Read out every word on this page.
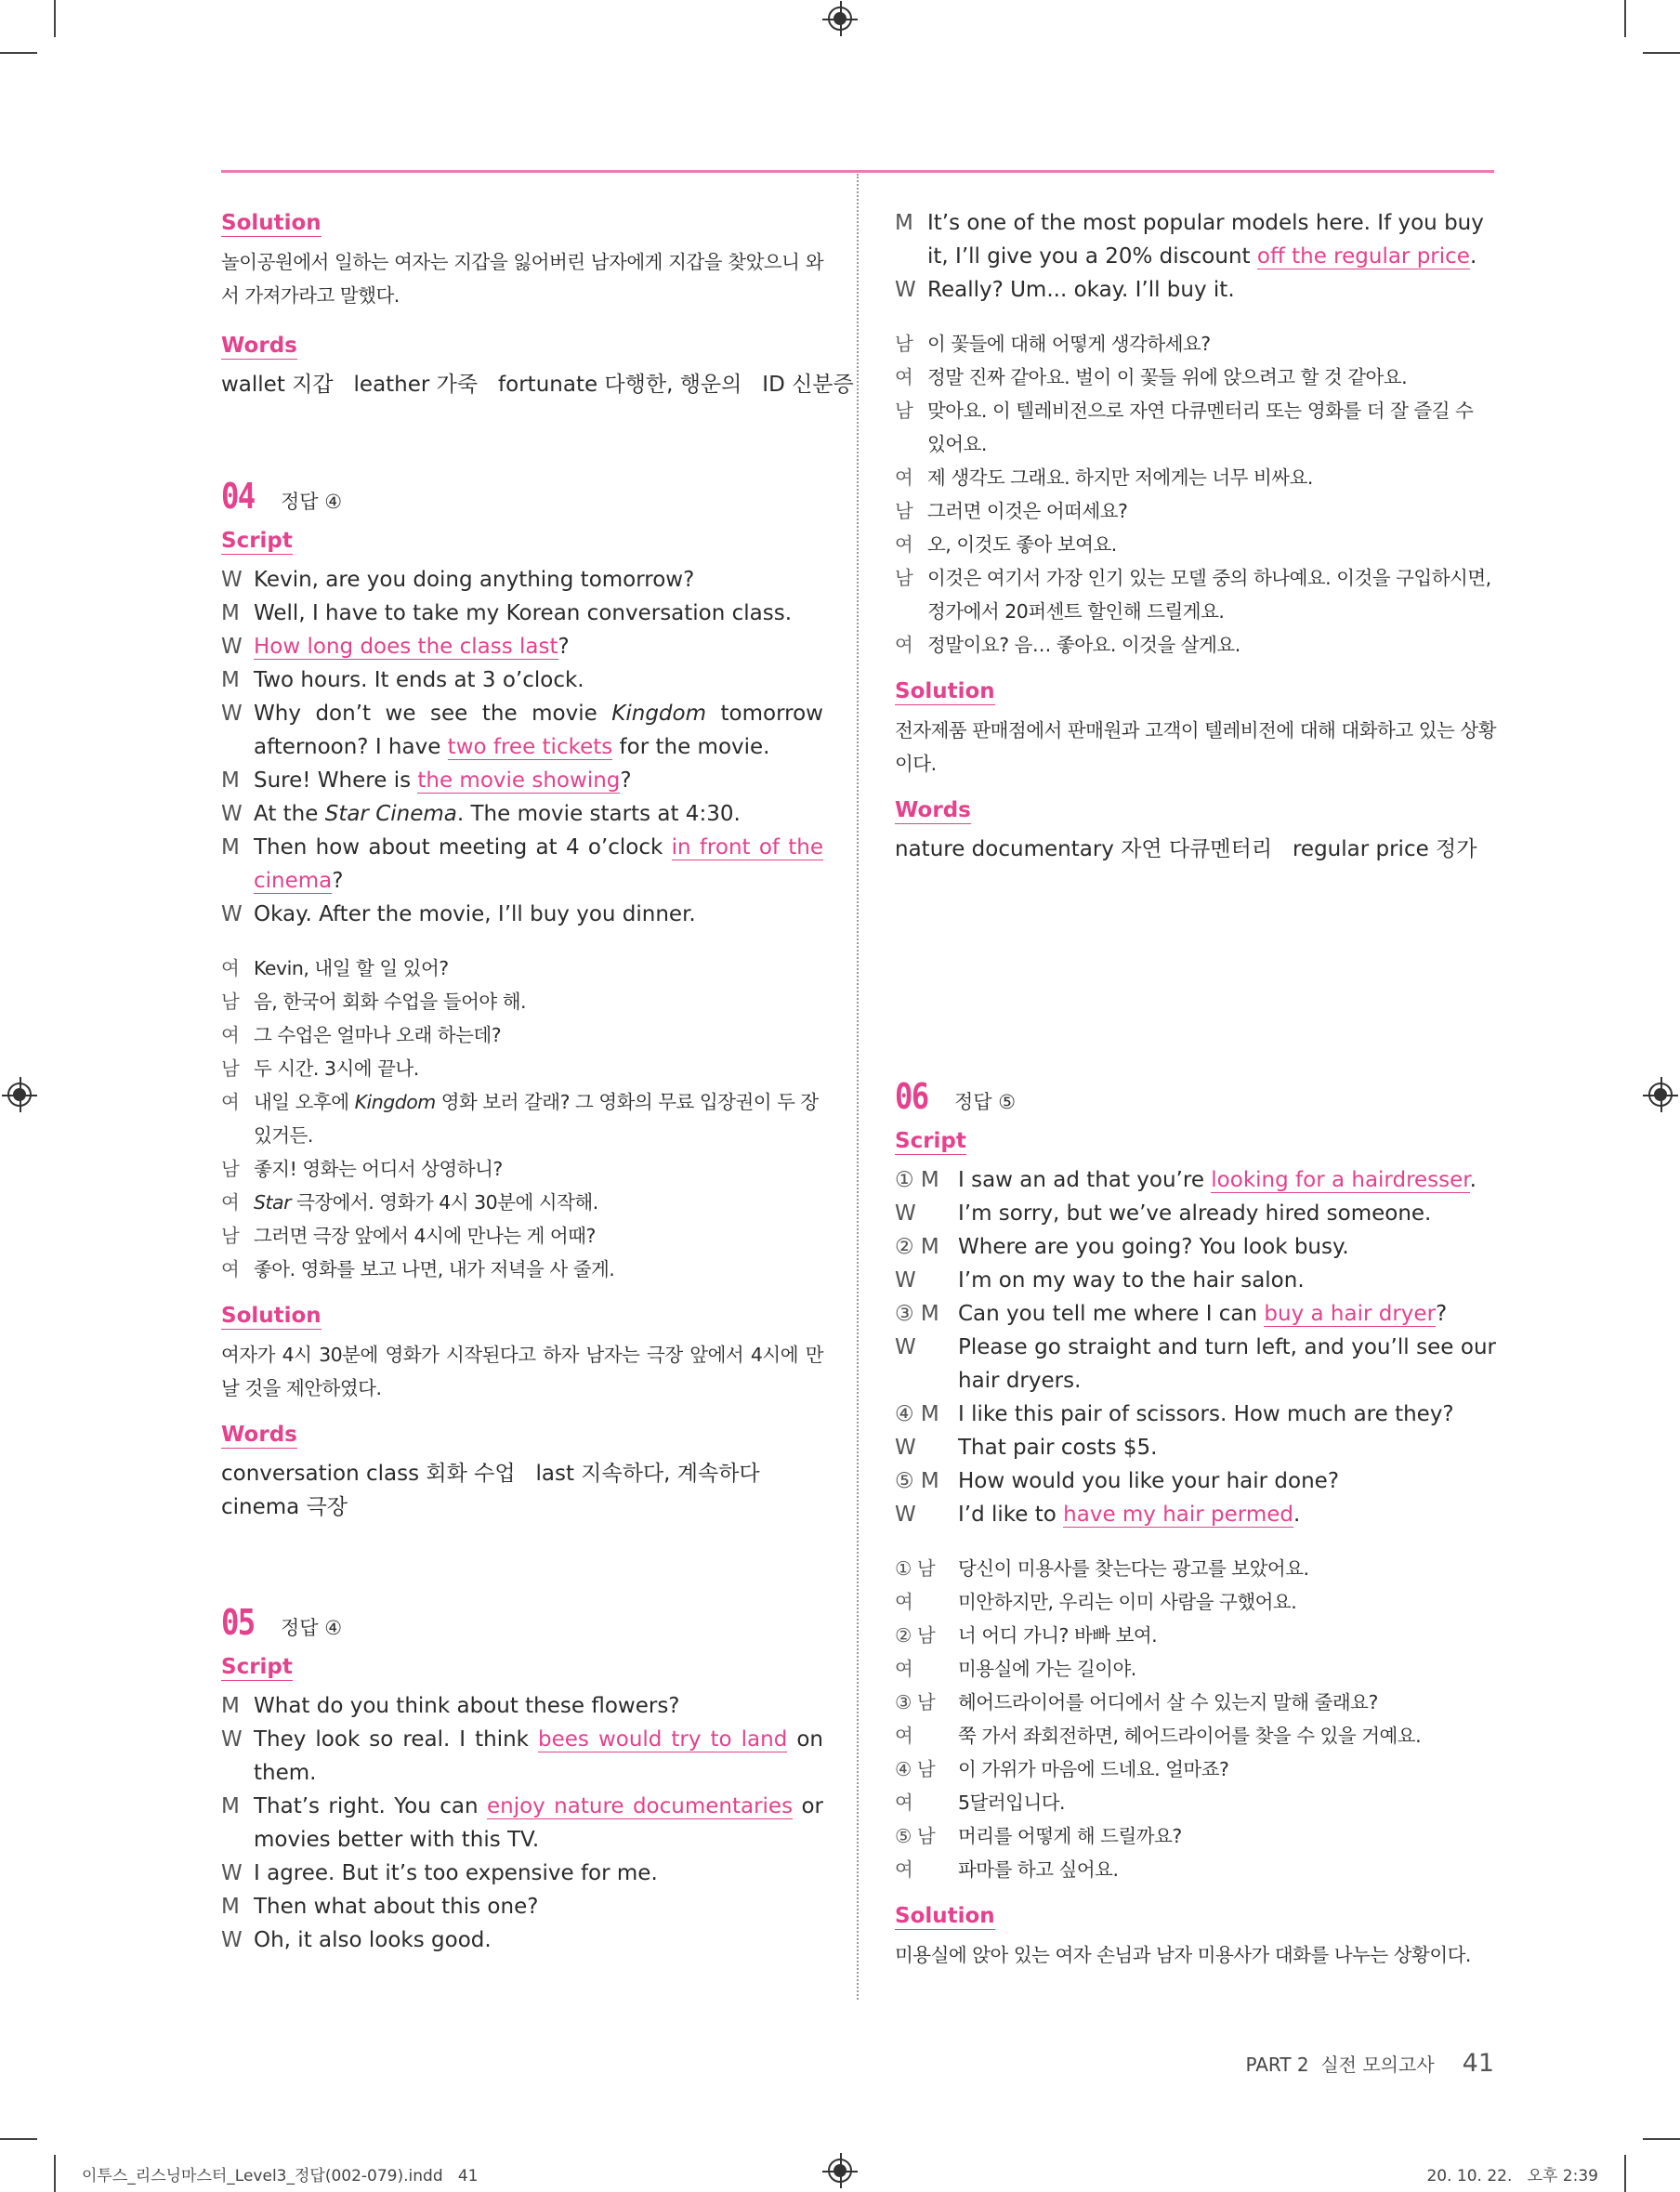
Solution

놀이공원에서 일하는 여자는 지갑을 잃어버린 남자에게 지갑을 찾았으니 와서 가져가라고 말했다.

Words

wallet 지갑   leather 가죽   fortunate 다행한, 행운의   ID 신분증

04	정답 ④
Script
W Kevin, are you doing anything tomorrow?
M Well, I have to take my Korean conversation class.
W How long does the class last?
M Two hours. It ends at 3 o’clock.
W Why don’t we see the movie Kingdom tomorrow afternoon? I have two free tickets for the movie.
M Sure! Where is the movie showing?
W At the Star Cinema. The movie starts at 4:30.
M Then how about meeting at 4 o’clock in front of the cinema?
W Okay. After the movie, I’ll buy you dinner.
여 Kevin, 내일 할 일 있어?
남 음, 한국어 회화 수업을 들어야 해.
여 그 수업은 얼마나 오래 하는데?
남 두 시간. 3시에 끝나.
여 내일 오후에 Kingdom 영화 보러 갈래? 그 영화의 무료 입장권이 두 장 있거든.
남 좋지! 영화는 어디서 상영하니?
여 Star 극장에서. 영화가 4시 30분에 시작해.
남 그러면 극장 앞에서 4시에 만나는 게 어때?
여 좋아. 영화를 보고 나면, 내가 저녁을 사 줄게.
Solution

여자가 4시 30분에 영화가 시작된다고 하자 남자는 극장 앞에서 4시에 만날 것을 제안하였다.

Words

conversation class 회화 수업   last 지속하다, 계속하다

cinema 극장

05	정답 ④
Script
M What do you think about these flowers?
W They look so real. I think bees would try to land on them.
M That’s right. You can enjoy nature documentaries or movies better with this TV.
W I agree. But it’s too expensive for me.
M Then what about this one?
W Oh, it also looks good.
M It’s one of the most popular models here. If you buy it, I’ll give you a 20% discount off the regular price.
W Really? Um... okay. I’ll buy it.
남 이 꽃들에 대해 어떻게 생각하세요?
여 정말 진짜 같아요. 벌이 이 꽃들 위에 앉으려고 할 것 같아요.
남 맞아요. 이 텔레비전으로 자연 다큐멘터리 또는 영화를 더 잘 즐길 수 있어요.
여 제 생각도 그래요. 하지만 저에게는 너무 비싸요.
남 그러면 이것은 어떠세요?
여 오, 이것도 좋아 보여요.
남 이것은 여기서 가장 인기 있는 모델 중의 하나예요. 이것을 구입하시면, 정가에서 20퍼센트 할인해 드릴게요.
여 정말이요? 음… 좋아요. 이것을 살게요.
Solution

전자제품 판매점에서 판매원과 고객이 텔레비전에 대해 대화하고 있는 상황이다.

Words

nature documentary 자연 다큐멘터리   regular price 정가

06	정답 ⑤
Script
① M I saw an ad that you’re looking for a hairdresser.
W	I’m sorry, but we’ve already hired someone.
② M Where are you going? You look busy.
W	I’m on my way to the hair salon.
③ M Can you tell me where I can buy a hair dryer?
W	Please go straight and turn left, and you’ll see our hair dryers.
④ M I like this pair of scissors. How much are they?
W	That pair costs $5.
⑤ M How would you like your hair done?
W	I’d like to have my hair permed.
① 남	당신이 미용사를 찾는다는 광고를 보았어요.
여	미안하지만, 우리는 이미 사람을 구했어요.
② 남	너 어디 가니? 바빠 보여.
여	미용실에 가는 길이야.
③ 남	헤어드라이어를 어디에서 살 수 있는지 말해 줄래요?
여	쭉 가서 좌회전하면, 헤어드라이어를 찾을 수 있을 거예요.
④ 남	이 가위가 마음에 드네요. 얼마죠?
여	5달러입니다.
⑤ 남	머리를 어떻게 해 드릴까요?
여	파마를 하고 싶어요.
Solution

미용실에 앉아 있는 여자 손님과 남자 미용사가 대화를 나누는 상황이다.

PART 2  실전 모의고사 41
이투스_리스닝마스터_Level3_정답(002-079).indd   41	20. 10. 22.   오후 2:39
